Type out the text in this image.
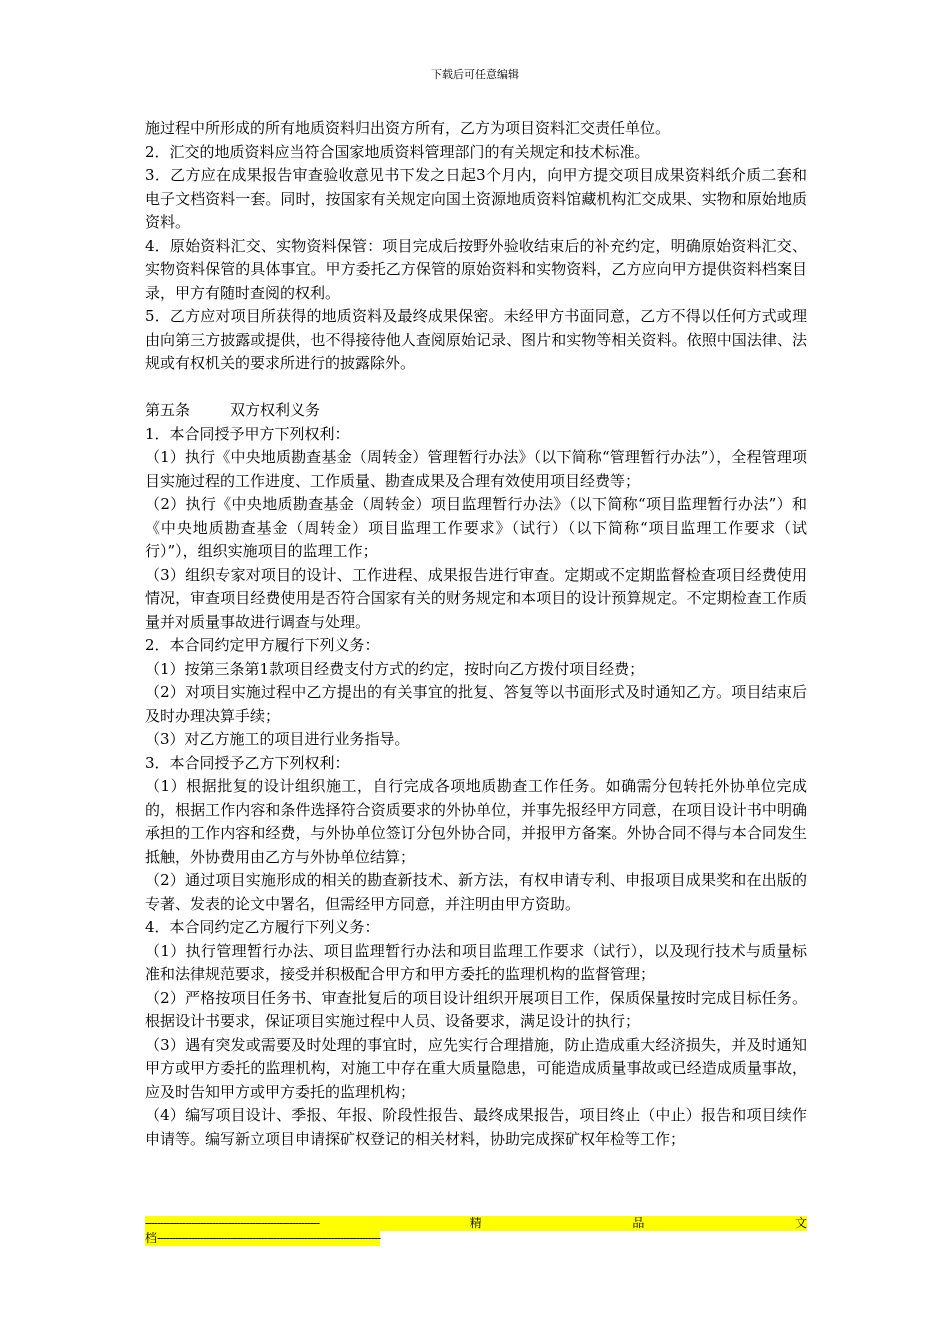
下载后可任意编辑

施过程中所形成的所有地质资料归出资方所有，乙方为项目资料汇交责任单位。

2．汇交的地质资料应当符合国家地质资料管理部门的有关规定和技术标准。

3．乙方应在成果报告审查验收意见书下发之日起3个月内，向甲方提交项目成果资料纸介质二套和电子文档资料一套。同时，按国家有关规定向国土资源地质资料馆藏机构汇交成果、实物和原始地质资料。

4．原始资料汇交、实物资料保管：项目完成后按野外验收结束后的补充约定，明确原始资料汇交、实物资料保管的具体事宜。甲方委托乙方保管的原始资料和实物资料，乙方应向甲方提供资料档案目录，甲方有随时查阅的权利。

5．乙方应对项目所获得的地质资料及最终成果保密。未经甲方书面同意，乙方不得以任何方式或理由向第三方披露或提供，也不得接待他人查阅原始记录、图片和实物等相关资料。依照中国法律、法规或有权机关的要求所进行的披露除外。

第五条	双方权利义务

1．本合同授予甲方下列权利：

（1）执行《中央地质勘查基金（周转金）管理暂行办法》（以下简称“管理暂行办法”），全程管理项目实施过程的工作进度、工作质量、勘查成果及合理有效使用项目经费等；

（2）执行《中央地质勘查基金（周转金）项目监理暂行办法》（以下简称“项目监理暂行办法”）和《中央地质勘查基金（周转金）项目监理工作要求》（试行）（以下简称“项目监理工作要求（试行）”），组织实施项目的监理工作；

（3）组织专家对项目的设计、工作进程、成果报告进行审查。定期或不定期监督检查项目经费使用情况，审查项目经费使用是否符合国家有关的财务规定和本项目的设计预算规定。不定期检查工作质量并对质量事故进行调查与处理。

2．本合同约定甲方履行下列义务：

（1）按第三条第1款项目经费支付方式的约定，按时向乙方拨付项目经费；

（2）对项目实施过程中乙方提出的有关事宜的批复、答复等以书面形式及时通知乙方。项目结束后及时办理决算手续；

（3）对乙方施工的项目进行业务指导。

3．本合同授予乙方下列权利：

（1）根据批复的设计组织施工，自行完成各项地质勘查工作任务。如确需分包转托外协单位完成的，根据工作内容和条件选择符合资质要求的外协单位，并事先报经甲方同意，在项目设计书中明确承担的工作内容和经费，与外协单位签订分包外协合同，并报甲方备案。外协合同不得与本合同发生抵触，外协费用由乙方与外协单位结算；

（2）通过项目实施形成的相关的勘查新技术、新方法，有权申请专利、申报项目成果奖和在出版的专著、发表的论文中署名，但需经甲方同意，并注明由甲方资助。

4．本合同约定乙方履行下列义务：

（1）执行管理暂行办法、项目监理暂行办法和项目监理工作要求（试行），以及现行技术与质量标准和法律规范要求，接受并积极配合甲方和甲方委托的监理机构的监督管理；

（2）严格按项目任务书、审查批复后的项目设计组织开展项目工作，保质保量按时完成目标任务。根据设计书要求，保证项目实施过程中人员、设备要求，满足设计的执行；

（3）遇有突发或需要及时处理的事宜时，应先实行合理措施，防止造成重大经济损失，并及时通知甲方或甲方委托的监理机构，对施工中存在重大质量隐患，可能造成质量事故或已经造成质量事故，应及时告知甲方或甲方委托的监理机构；

（4）编写项目设计、季报、年报、阶段性报告、最终成果报告，项目终止（中止）报告和项目续作申请等。编写新立项目申请探矿权登记的相关材料，协助完成探矿权年检等工作；

---------------------------------------------------------	精	品	文
档-------------------------------------------------------------------------
